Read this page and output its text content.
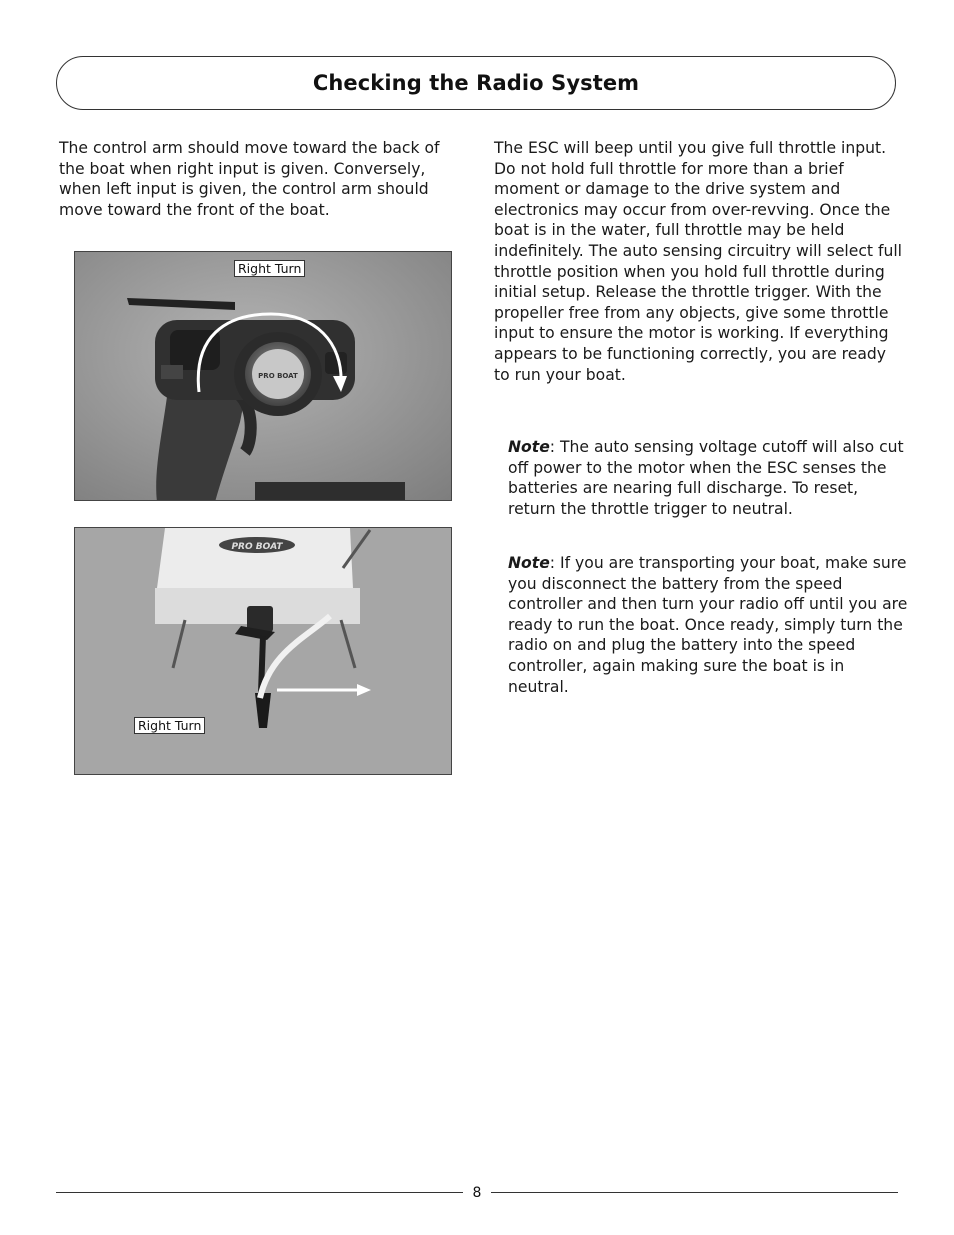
Checking the Radio System

The control arm should move toward the back of the boat when right input is given. Conversely, when left input is given, the control arm should move toward the front of the boat.

PRO BOAT
Right Turn
PRO BOAT
Right Turn

The ESC will beep until you give full throttle input. Do not hold full throttle for more than a brief moment or damage to the drive system and electronics may occur from over-revving. Once the boat is in the water, full throttle may be held indefinitely. The auto sensing circuitry will select full throttle position when you hold full throttle during initial setup. Release the throttle trigger. With the propeller free from any objects, give some throttle input to ensure the motor is working. If everything appears to be functioning correctly, you are ready to run your boat.

Note: The auto sensing voltage cutoff will also cut off power to the motor when the ESC senses the batteries are nearing full discharge. To reset, return the throttle trigger to neutral.

Note: If you are transporting your boat, make sure you disconnect the battery from the speed controller and then turn your radio off until you are ready to run the boat. Once ready, simply turn the radio on and plug the battery into the speed controller, again making sure the boat is in neutral.

8
